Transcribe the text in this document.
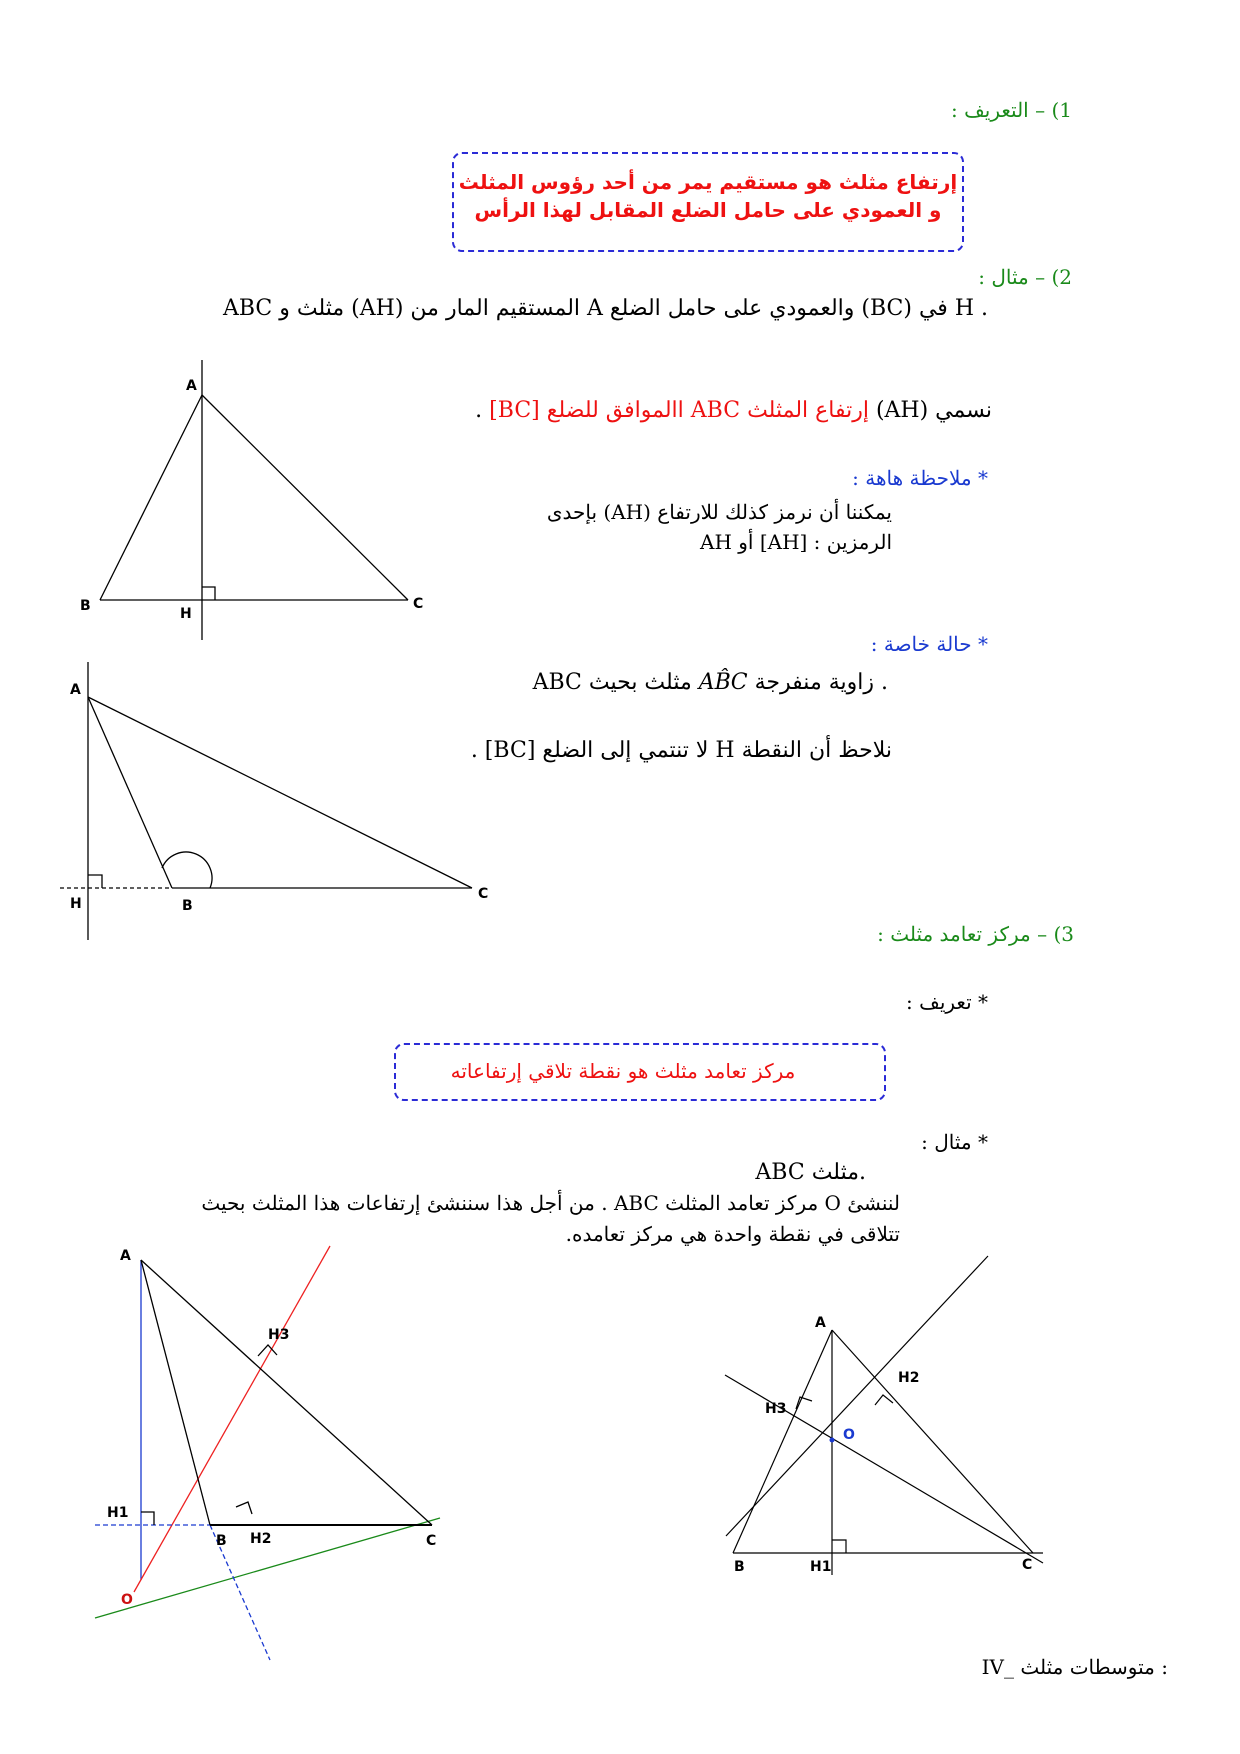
1) – التعريف :
إرتفاع مثلث هو مستقيم يمر من أحد رؤوس المثلث
و العمودي على حامل الضلع المقابل لهذا الرأس
2) – مثال :
ABC مثلث و (AH) المستقيم المار من A والعمودي على حامل الضلع (BC) في H .
نسمي (AH) إرتفاع المثلث ABC االموافق للضلع [BC] .
* ملاحظة هاهة :
يمكننا أن نرمز كذلك للارتفاع (AH) بإحدى
الرمزين : [AH] أو AH
* حالة خاصة :
ABC مثلث بحيث AB̂C زاوية منفرجة .
نلاحظ أن النقطة H لا تنتمي إلى الضلع [BC] .
3) – مركز تعامد مثلث :
* تعريف :
مركز تعامد مثلث هو نقطة تلاقي إرتفاعاته
* مثال :
ABC مثلث.
لننشئ O مركز تعامد المثلث ABC . من أجل هذا سننشئ إرتفاعات هذا المثلث بحيث
تتلاقى في نقطة واحدة هي مركز تعامده.
IV_ متوسطات مثلث :
A
B	C
H
A
H	B
C
A
H1
B	C
H3
H2
O
A
H2
H3
O
B	H1	C
